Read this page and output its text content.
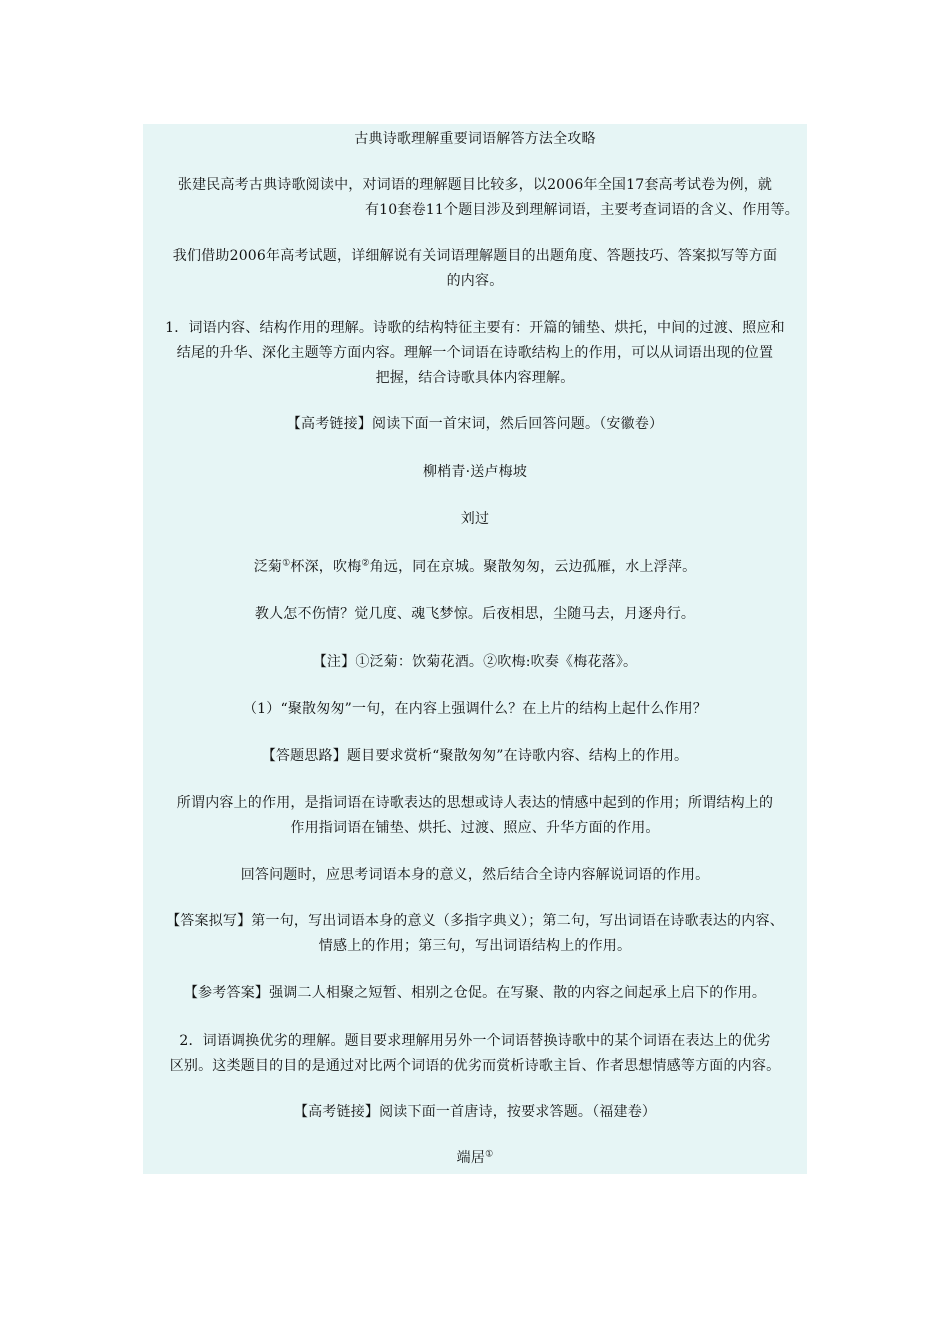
古典诗歌理解重要词语解答方法全攻略

张建民高考古典诗歌阅读中，对词语的理解题目比较多，以2006年全国17套高考试卷为例，就
有10套卷11个题目涉及到理解词语，主要考查词语的含义、作用等。

我们借助2006年高考试题，详细解说有关词语理解题目的出题角度、答题技巧、答案拟写等方面
的内容。

1．词语内容、结构作用的理解。诗歌的结构特征主要有：开篇的铺垫、烘托，中间的过渡、照应和
结尾的升华、深化主题等方面内容。理解一个词语在诗歌结构上的作用，可以从词语出现的位置
把握，结合诗歌具体内容理解。

【高考链接】阅读下面一首宋词，然后回答问题。（安徽卷）

柳梢青·送卢梅坡

刘过

泛菊①杯深，吹梅②角远，同在京城。聚散匆匆，云边孤雁，水上浮萍。

教人怎不伤情？觉几度、魂飞梦惊。后夜相思，尘随马去，月逐舟行。

【注】①泛菊：饮菊花酒。②吹梅:吹奏《梅花落》。

（1）“聚散匆匆”一句，在内容上强调什么？在上片的结构上起什么作用？

【答题思路】题目要求赏析“聚散匆匆”在诗歌内容、结构上的作用。

所谓内容上的作用，是指词语在诗歌表达的思想或诗人表达的情感中起到的作用；所谓结构上的
作用指词语在铺垫、烘托、过渡、照应、升华方面的作用。

回答问题时，应思考词语本身的意义，然后结合全诗内容解说词语的作用。

【答案拟写】第一句，写出词语本身的意义（多指字典义）；第二句，写出词语在诗歌表达的内容、
情感上的作用；第三句，写出词语结构上的作用。

【参考答案】强调二人相聚之短暂、相别之仓促。在写聚、散的内容之间起承上启下的作用。

2．词语调换优劣的理解。题目要求理解用另外一个词语替换诗歌中的某个词语在表达上的优劣
区别。这类题目的目的是通过对比两个词语的优劣而赏析诗歌主旨、作者思想情感等方面的内容。

【高考链接】阅读下面一首唐诗，按要求答题。（福建卷）

端居①
